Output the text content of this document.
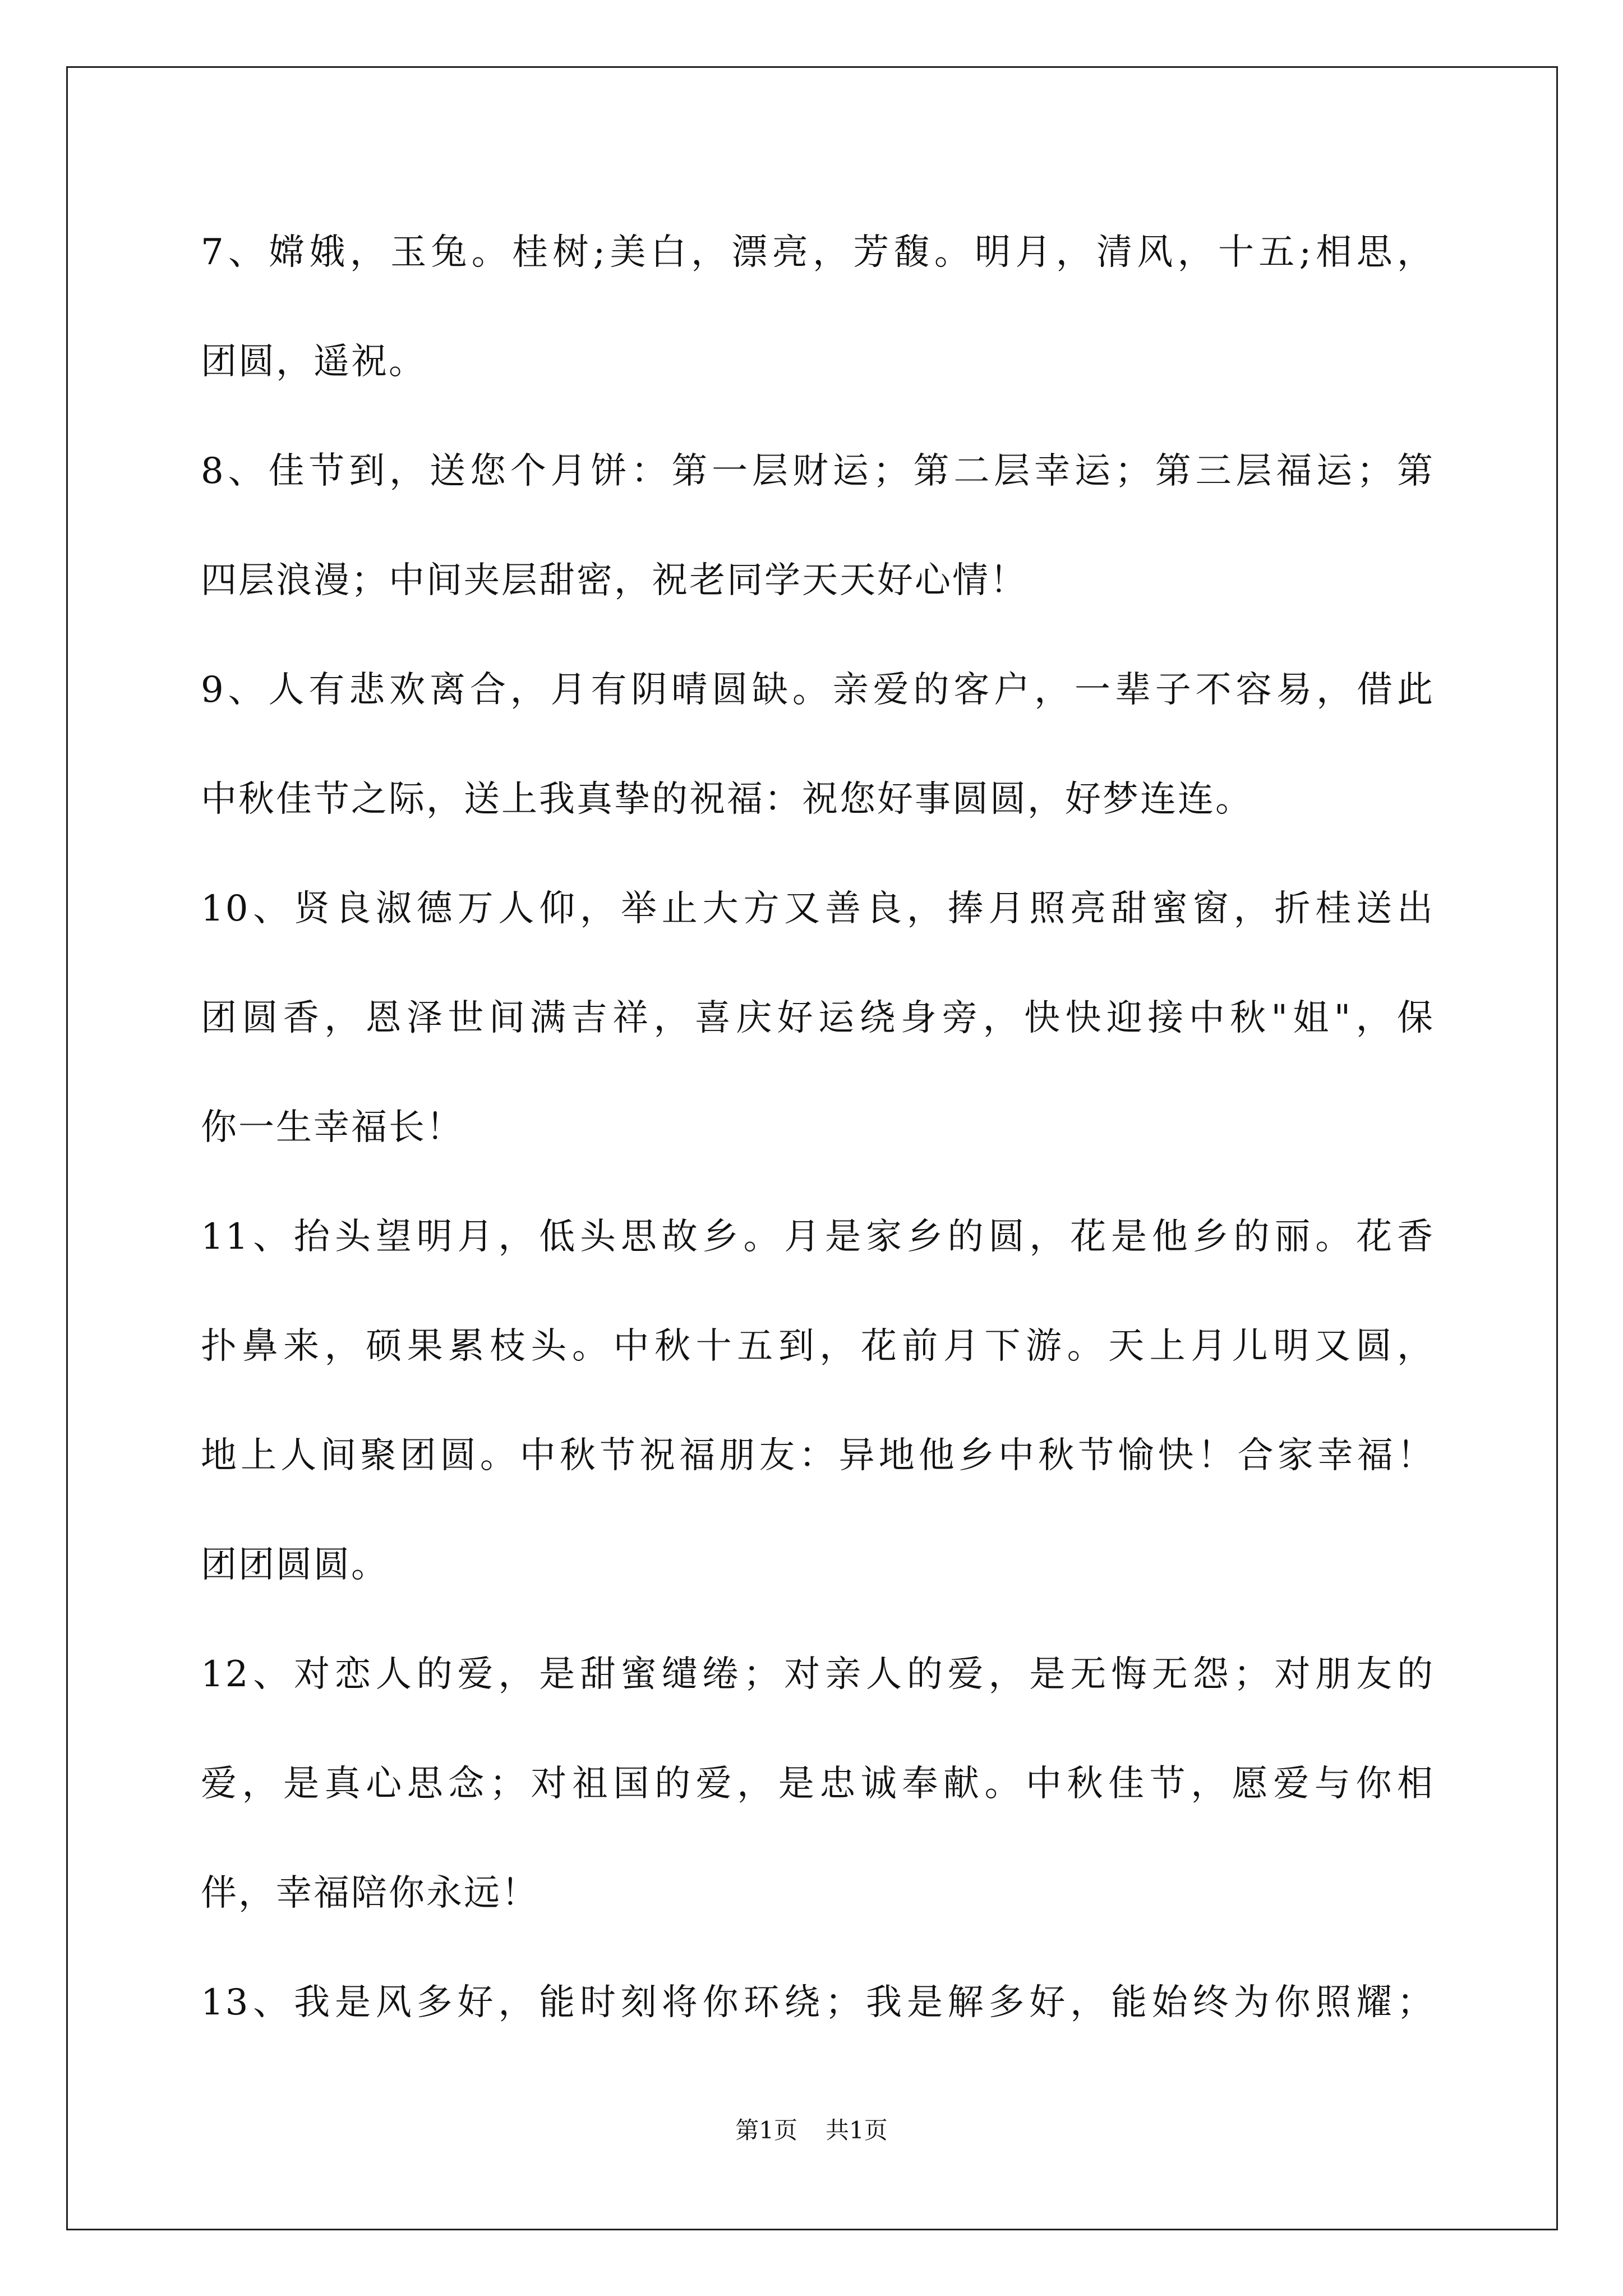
7、嫦娥，玉兔。桂树;美白，漂亮，芳馥。明月，清风，十五;相思，
团圆，遥祝。
8、佳节到，送您个月饼：第一层财运；第二层幸运；第三层福运；第
四层浪漫；中间夹层甜密，祝老同学天天好心情！
9、人有悲欢离合，月有阴晴圆缺。亲爱的客户，一辈子不容易，借此
中秋佳节之际，送上我真挚的祝福：祝您好事圆圆，好梦连连。
10、贤良淑德万人仰，举止大方又善良，捧月照亮甜蜜窗，折桂送出
团圆香，恩泽世间满吉祥，喜庆好运绕身旁，快快迎接中秋"姐"，保
你一生幸福长！
11、抬头望明月，低头思故乡。月是家乡的圆，花是他乡的丽。花香
扑鼻来，硕果累枝头。中秋十五到，花前月下游。天上月儿明又圆，
地上人间聚团圆。中秋节祝福朋友：异地他乡中秋节愉快！合家幸福！
团团圆圆。
12、对恋人的爱，是甜蜜缱绻；对亲人的爱，是无悔无怨；对朋友的
爱，是真心思念；对祖国的爱，是忠诚奉献。中秋佳节，愿爱与你相
伴，幸福陪你永远！
13、我是风多好，能时刻将你环绕；我是解多好，能始终为你照耀；
第1页 共1页
